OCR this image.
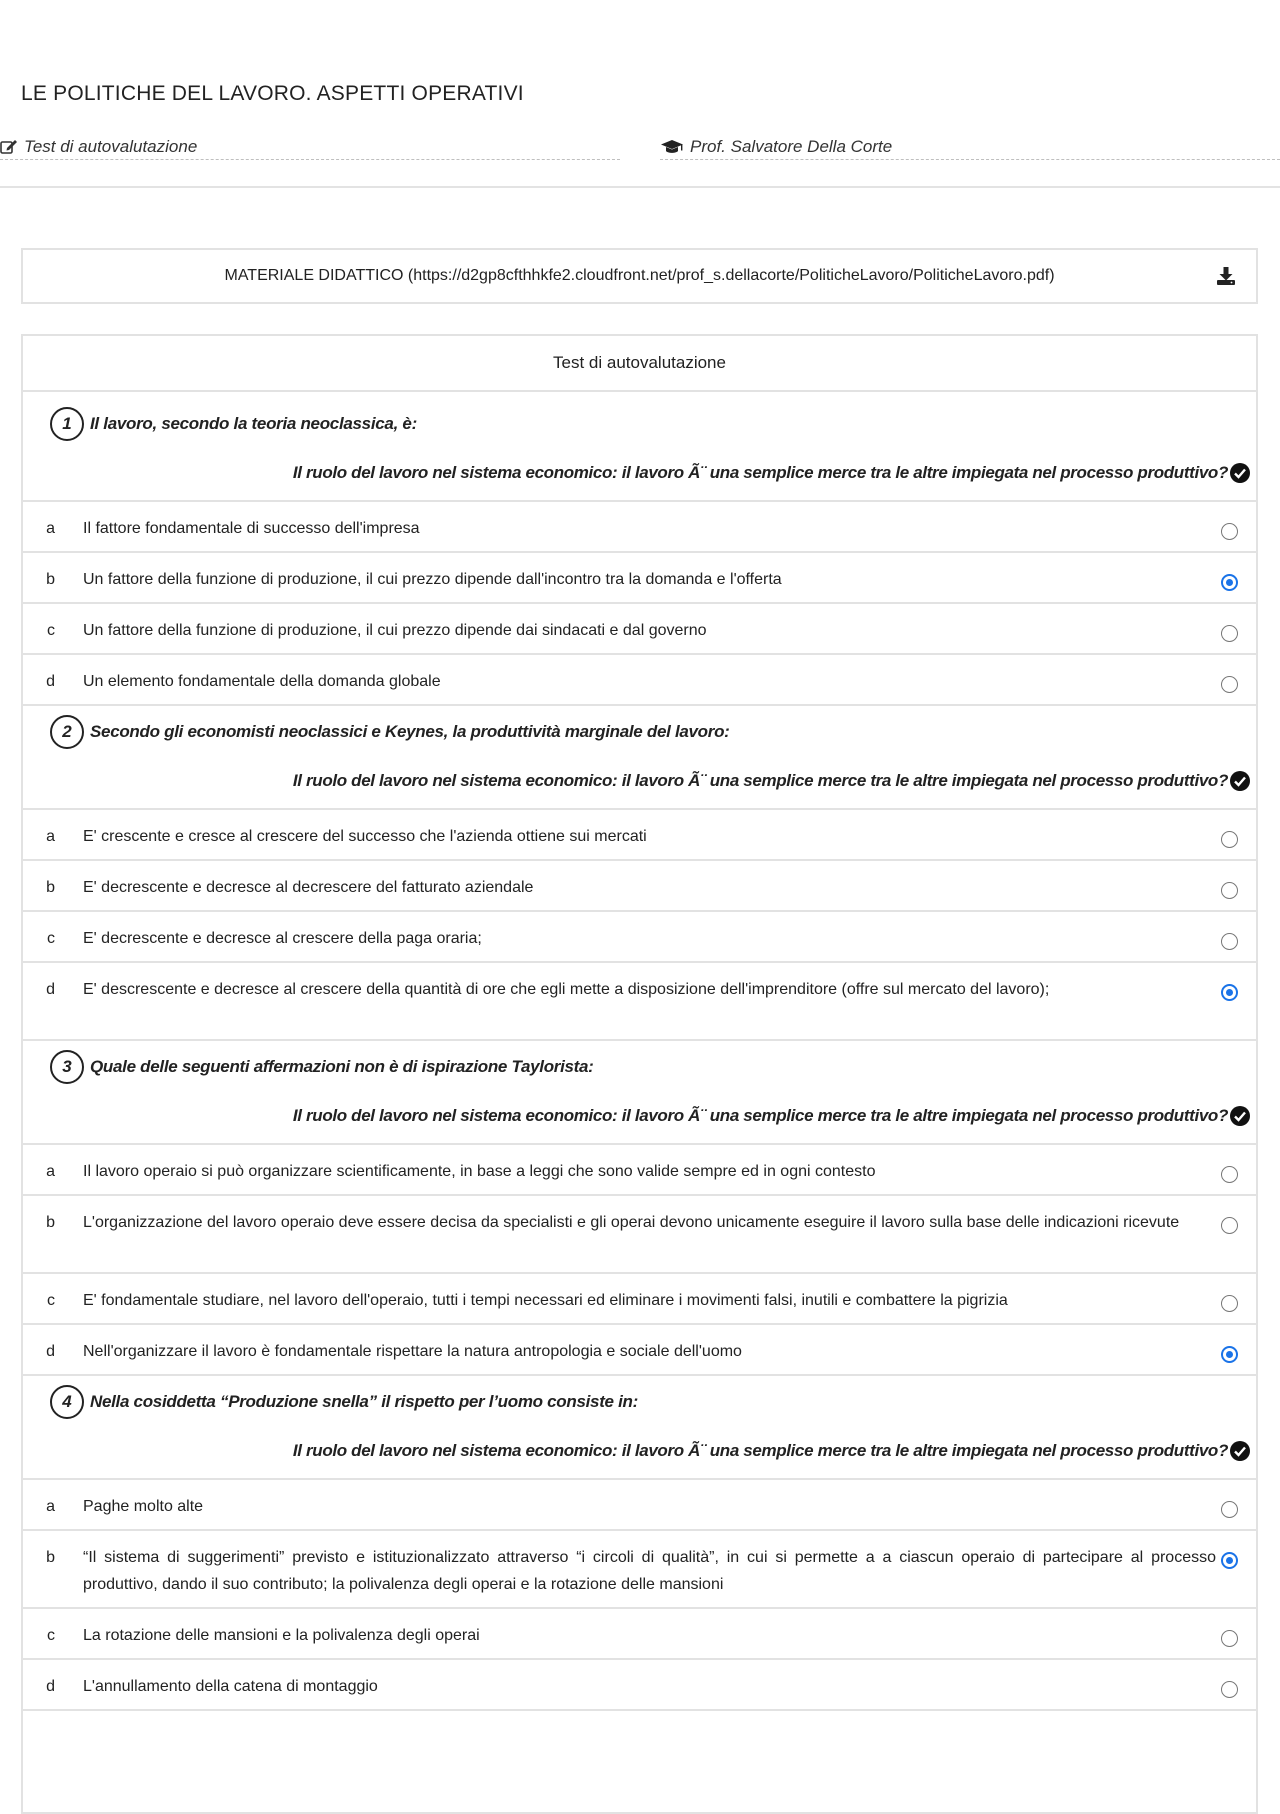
LE POLITICHE DEL LAVORO. ASPETTI OPERATIVI
Test di autovalutazione	Prof. Salvatore Della Corte
MATERIALE DIDATTICO (https://d2gp8cfthhkfe2.cloudfront.net/prof_s.dellacorte/PoliticheLavoro/PoliticheLavoro.pdf)
Test di autovalutazione
1	Il lavoro, secondo la teoria neoclassica, è:
Il ruolo del lavoro nel sistema economico: il lavoro Ã¨ una semplice merce tra le altre impiegata nel processo produttivo?
a	Il fattore fondamentale di successo dell'impresa
b	Un fattore della funzione di produzione, il cui prezzo dipende dall'incontro tra la domanda e l'offerta
c	Un fattore della funzione di produzione, il cui prezzo dipende dai sindacati e dal governo
d	Un elemento fondamentale della domanda globale
2	Secondo gli economisti neoclassici e Keynes, la produttività marginale del lavoro:
Il ruolo del lavoro nel sistema economico: il lavoro Ã¨ una semplice merce tra le altre impiegata nel processo produttivo?
a	E' crescente e cresce al crescere del successo che l'azienda ottiene sui mercati
b	E' decrescente e decresce al decrescere del fatturato aziendale
c	E' decrescente e decresce al crescere della paga oraria;
d	E' descrescente e decresce al crescere della quantità di ore che egli mette a disposizione dell'imprenditore (offre sul mercato del lavoro);
3	Quale delle seguenti affermazioni non è di ispirazione Taylorista:
Il ruolo del lavoro nel sistema economico: il lavoro Ã¨ una semplice merce tra le altre impiegata nel processo produttivo?
a	Il lavoro operaio si può organizzare scientificamente, in base a leggi che sono valide sempre ed in ogni contesto
b	L'organizzazione del lavoro operaio deve essere decisa da specialisti e gli operai devono unicamente eseguire il lavoro sulla base delle indicazioni ricevute
c	E' fondamentale studiare, nel lavoro dell'operaio, tutti i tempi necessari ed eliminare i movimenti falsi, inutili e combattere la pigrizia
d	Nell'organizzare il lavoro è fondamentale rispettare la natura antropologia e sociale dell'uomo
4	Nella cosiddetta “Produzione snella” il rispetto per l’uomo consiste in:
Il ruolo del lavoro nel sistema economico: il lavoro Ã¨ una semplice merce tra le altre impiegata nel processo produttivo?
a	Paghe molto alte
b	“Il sistema di suggerimenti” previsto e istituzionalizzato attraverso “i circoli di qualità”, in cui si permette a a ciascun operaio di partecipare al processo produttivo, dando il suo contributo; la polivalenza degli operai e la rotazione delle mansioni
c	La rotazione delle mansioni e la polivalenza degli operai
d	L'annullamento della catena di montaggio
